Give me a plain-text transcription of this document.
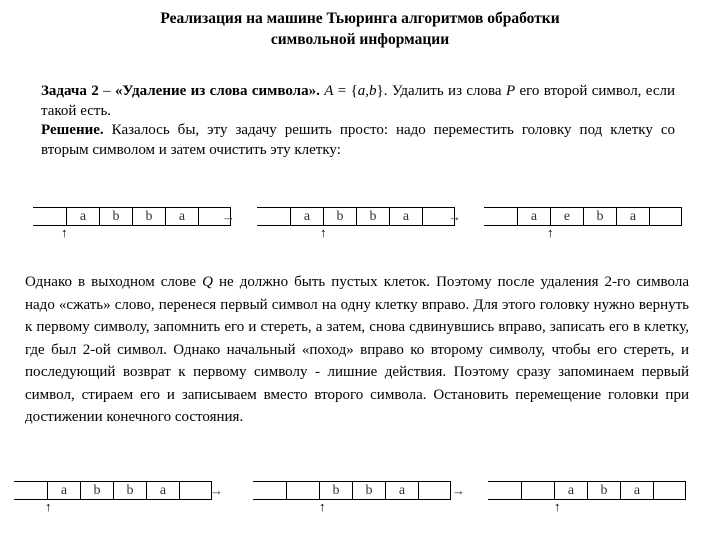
Реализация на машине Тьюринга алгоритмов обработки
символьной информации
Задача 2 – «Удаление из слова символа». A = {a,b}. Удалить из слова P его второй символ, если такой есть.
Решение. Казалось бы, эту задачу решить просто: надо переместить головку под клетку со вторым символом и затем очистить эту клетку:
a	b	b	a
↑
→	a	b	b	a
↑
→	a	e	b	a
↑
Однако в выходном слове Q не должно быть пустых клеток. Поэтому после удаления 2-го символа надо «сжать» слово, перенеся первый символ на одну клетку вправо. Для этого головку нужно вернуть к первому символу, запомнить его и стереть, а затем, снова сдвинувшись вправо, записать его в клетку, где был 2-ой символ. Однако начальный «поход» вправо ко второму символу, чтобы его стереть, и последующий возврат к первому символу - лишние действия. Поэтому сразу запоминаем первый символ, стираем его и записываем вместо второго символа. Остановить перемещение головки при достижении конечного состояния.
a	b	b	a
↑
→	b	b	a
↑
→	a	b	a
↑
